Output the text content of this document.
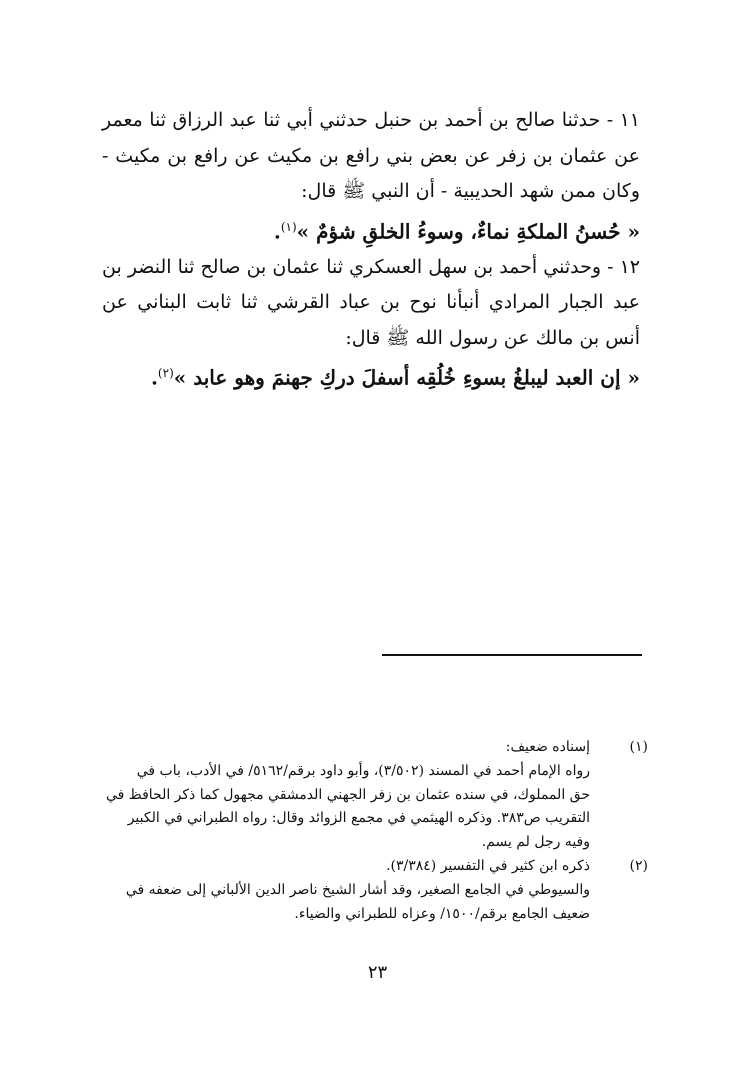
١١ - حدثنا صالح بن أحمد بن حنبل حدثني أبي ثنا عبد الرزاق ثنا معمر عن عثمان بن زفر عن بعض بني رافع بن مكيث عن رافع بن مكيث - وكان ممن شهد الحديبية - أن النبي ﷺ قال:

« حُسنُ الملكةِ نماءٌ، وسوءُ الخلقِ شؤمٌ »$^{(١)}$.

١٢ - وحدثني أحمد بن سهل العسكري ثنا عثمان بن صالح ثنا النضر بن عبد الجبار المرادي أنبأنا نوح بن عباد القرشي ثنا ثابت البناني عن أنس بن مالك عن رسول الله ﷺ قال:

« إن العبد ليبلغُ بسوءِ خُلُقِه أسفلَ دركِ جهنمَ وهو عابد »$^{(٢)}$.

(١)
إسناده ضعيف:
رواه الإمام أحمد في المسند (٣/٥٠٢)، وأبو داود برقم/٥١٦٢/ في الأدب، باب في
حق المملوك، في سنده عثمان بن زفر الجهني الدمشقي مجهول كما ذكر الحافظ في
التقريب ص٣٨٣. وذكره الهيثمي في مجمع الزوائد وقال: رواه الطبراني في الكبير
وفيه رجل لم يسم.
(٢)
ذكره ابن كثير في التفسير (٣/٣٨٤).
والسيوطي في الجامع الصغير، وقد أشار الشيخ ناصر الدين الألباني إلى ضعفه في
ضعيف الجامع برقم/١٥٠٠/ وعزاه للطبراني والضياء.
٢٣
